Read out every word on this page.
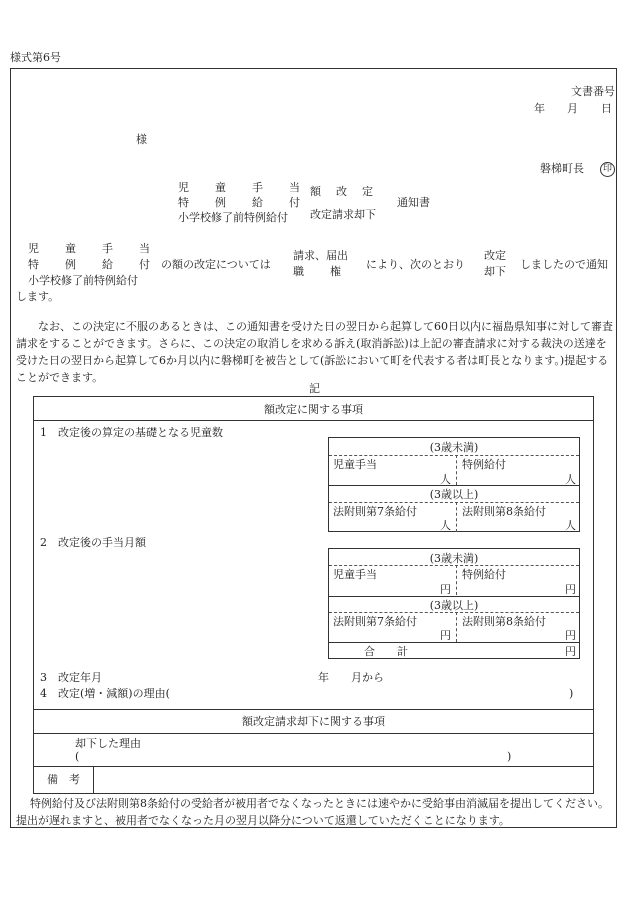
様式第6号
文書番号
年 月 日
様
磐梯町長	印
児童手当
特例給付
小学校修了前特例給付
額改定
改定請求却下
通知書
児童手当
特例給付
小学校修了前特例給付
の額の改定については
請求、届出
職権
により、次のとおり
改定
却下
しましたので通知
します。
なお、この決定に不服のあるときは、この通知書を受けた日の翌日から起算して60日以内に福島県知事に対して審査請求をすることができます。さらに、この決定の取消しを求める訴え(取消訴訟)は上記の審査請求に対する裁決の送達を受けた日の翌日から起算して6か月以内に磐梯町を被告として(訴訟において町を代表する者は町長となります。)提起することができます。
記
額改定に関する事項
1　改定後の算定の基礎となる児童数
(3歳未満)
児童手当	特例給付
人	人
(3歳以上)
法附則第7条給付	法附則第8条給付
人	人
2　改定後の手当月額
(3歳未満)
児童手当	特例給付
円	円
(3歳以上)
法附則第7条給付	法附則第8条給付
円	円
合　　計	円
3　改定年月	年　　月から
4　改定(増・減額)の理由(	)
額改定請求却下に関する事項
却下した理由
(	)
備　考
特例給付及び法附則第8条給付の受給者が被用者でなくなったときには速やかに受給事由消滅届を提出してください。提出が遅れますと、被用者でなくなった月の翌月以降分について返還していただくことになります。
